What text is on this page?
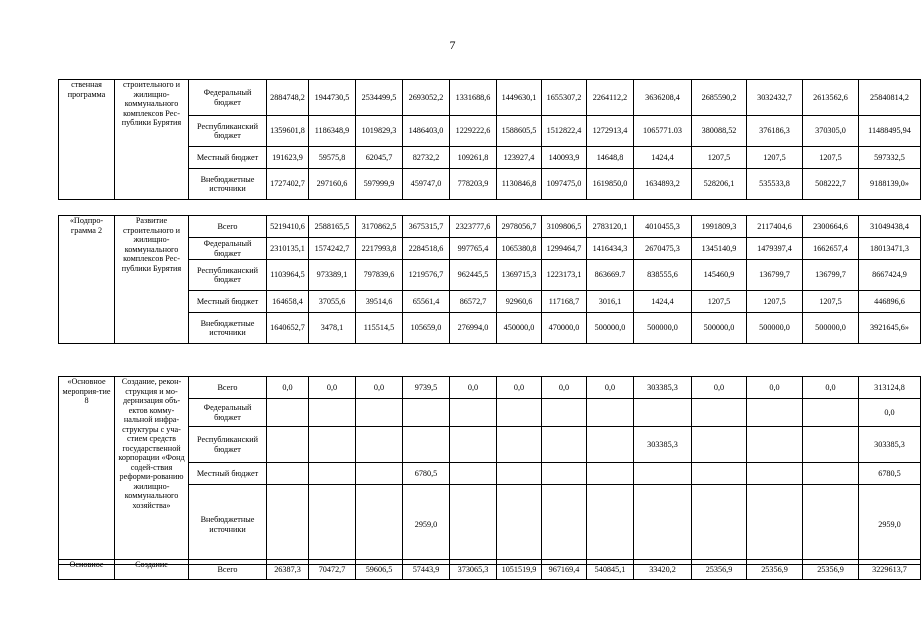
7
ственная программа	строительного и жилищно-коммунального комплексов Рес-публики Бурятия	Федеральный бюджет	2884748,2	1944730,5	2534499,5	2693052,2	1331688,6	1449630,1	1655307,2	2264112,2	3636208,4	2685590,2	3032432,7	2613562,6	25840814,2
		Республиканский бюджет	1359601,8	1186348,9	1019829,3	1486403,0	1229222,6	1588605,5	1512822,4	1272913,4	1065771.03	380088,52	376186,3	370305,0	11488495,94
		Местный бюджет	191623,9	59575,8	62045,7	82732,2	109261,8	123927,4	140093,9	14648,8	1424,4	1207,5	1207,5	1207,5	597332,5
		Внебюджетные источники	1727402,7	297160,6	597999,9	459747,0	778203,9	1130846,8	1097475,0	1619850,0	1634893,2	528206,1	535533,8	508222,7	9188139,0»
«Подпро-грамма 2	Развитие строительного и жилищно-коммунального комплексов Рес-публики Бурятия	Всего	5219410,6	2588165,5	3170862,5	3675315,7	2323777,6	2978056,7	3109806,5	2783120,1	4010455,3	1991809,3	2117404,6	2300664,6	31049438,4
		Федеральный бюджет	2310135,1	1574242,7	2217993,8	2284518,6	997765,4	1065380,8	1299464,7	1416434,3	2670475,3	1345140,9	1479397,4	1662657,4	18013471,3
		Республиканский бюджет	1103964,5	973389,1	797839,6	1219576,7	962445,5	1369715,3	1223173,1	863669.7	838555,6	145460,9	136799,7	136799,7	8667424,9
		Местный бюджет	164658,4	37055,6	39514,6	65561,4	86572,7	92960,6	117168,7	3016,1	1424,4	1207,5	1207,5	1207,5	446896,6
		Внебюджетные источники	1640652,7	3478,1	115514,5	105659,0	276994,0	450000,0	470000,0	500000,0	500000,0	500000,0	500000,0	500000,0	3921645,6»
«Основное мероприя-тие 8	Создание, рекон-струкция и мо-дернизация объ-ектов комму-нальной инфра-структуры с уча-стием средств государственной корпорации «Фонд содей-ствия реформи-рованию жилищно-коммунального хозяйства»	Всего	0,0	0,0	0,0	9739,5	0,0	0,0	0,0	0,0	303385,3	0,0	0,0	0,0	313124,8
		Федеральный бюджет													0,0
		Республиканский бюджет									303385,3				303385,3
		Местный бюджет				6780,5									6780,5
		Внебюджетные источники				2959,0									2959,0
Основное	Создание	Всего	26387,3	70472,7	59606,5	57443,9	373065,3	1051519,9	967169,4	540845,1	33420,2	25356,9	25356,9	25356,9	3229613,7
